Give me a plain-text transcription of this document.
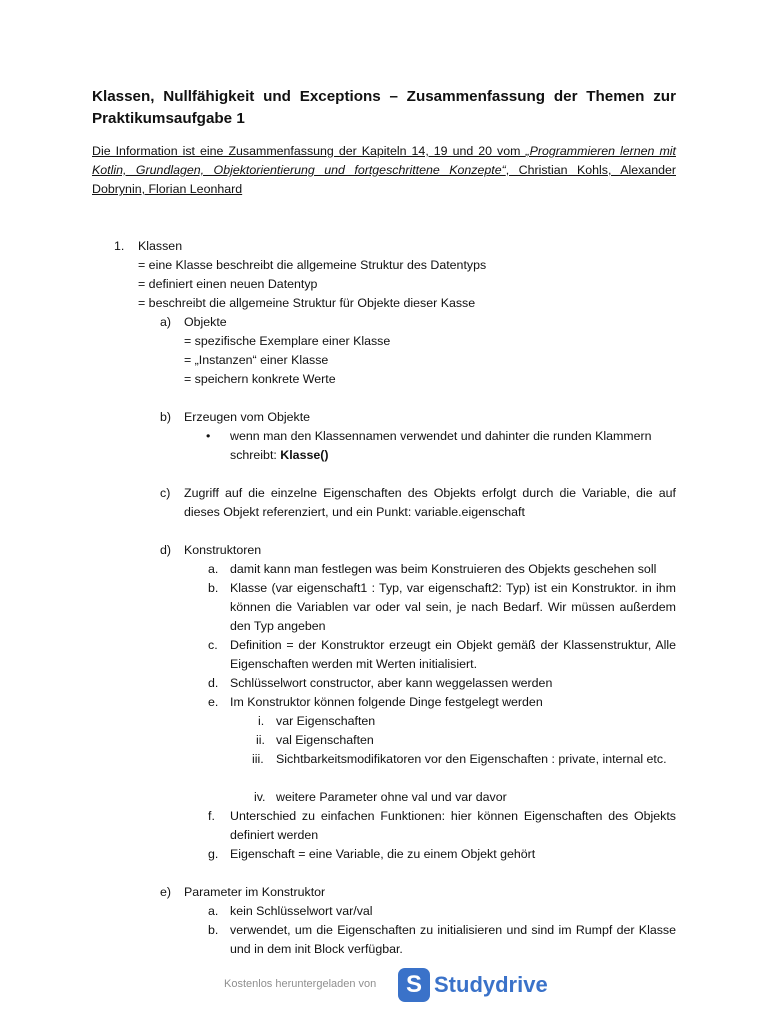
Klassen, Nullfähigkeit und Exceptions – Zusammenfassung der Themen zur Praktikumsaufgabe 1
Die Information ist eine Zusammenfassung der Kapiteln 14, 19 und 20 vom „Programmieren lernen mit Kotlin, Grundlagen, Objektorientierung und fortgeschrittene Konzepte“, Christian Kohls, Alexander Dobrynin, Florian Leonhard
1. Klassen
= eine Klasse beschreibt die allgemeine Struktur des Datentyps
= definiert einen neuen Datentyp
= beschreibt die allgemeine Struktur für Objekte dieser Kasse
a) Objekte
= spezifische Exemplare einer Klasse
= „Instanzen“ einer Klasse
= speichern konkrete Werte
b) Erzeugen vom Objekte
• wenn man den Klassennamen verwendet und dahinter die runden Klammern
schreibt: Klasse()
c) Zugriff auf die einzelne Eigenschaften des Objekts erfolgt durch die Variable, die auf
dieses Objekt referenziert, und ein Punkt: variable.eigenschaft
d) Konstruktoren
a. damit kann man festlegen was beim Konstruieren des Objekts geschehen soll
b. Klasse (var eigenschaft1 : Typ, var eigenschaft2: Typ) ist ein Konstruktor. in ihm können die Variablen var oder val sein, je nach Bedarf. Wir müssen außerdem den Typ angeben
c. Definition = der Konstruktor erzeugt ein Objekt gemäß der Klassenstruktur, Alle Eigenschaften werden mit Werten initialisiert.
d. Schlüsselwort constructor, aber kann weggelassen werden
e. Im Konstruktor können folgende Dinge festgelegt werden
i. var Eigenschaften
ii. val Eigenschaften
iii. Sichtbarkeitsmodifikatoren vor den Eigenschaften : private, internal etc.
iv. weitere Parameter ohne val und var davor
f. Unterschied zu einfachen Funktionen: hier können Eigenschaften des Objekts definiert werden
g. Eigenschaft = eine Variable, die zu einem Objekt gehört
e) Parameter im Konstruktor
a. kein Schlüsselwort var/val
b. verwendet, um die Eigenschaften zu initialisieren und sind im Rumpf der Klasse und in dem init Block verfügbar.
Kostenlos heruntergeladen von	S Studydrive
